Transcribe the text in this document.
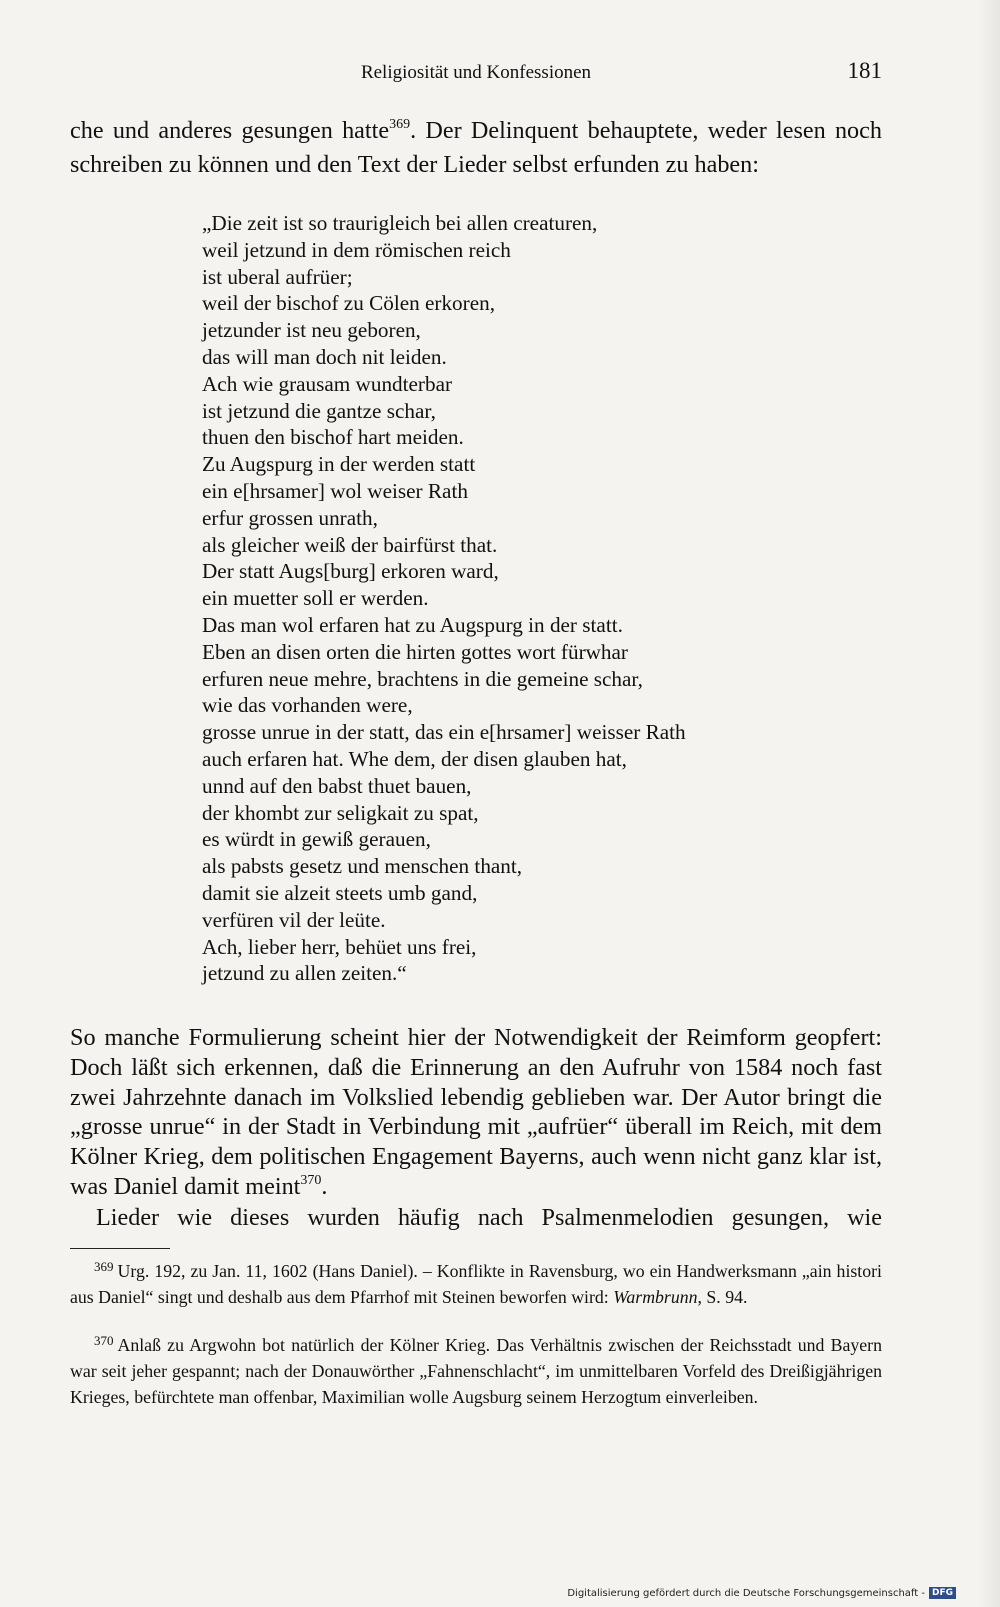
Religiosität und Konfessionen	181

che und anderes gesungen hatte$^{369}$. Der Delinquent behauptete, weder lesen noch schreiben zu können und den Text der Lieder selbst erfunden zu haben:

„Die zeit ist so traurigleich bei allen creaturen,
weil jetzund in dem römischen reich
ist uberal aufrüer;
weil der bischof zu Cölen erkoren,
jetzunder ist neu geboren,
das will man doch nit leiden.
Ach wie grausam wundterbar
ist jetzund die gantze schar,
thuen den bischof hart meiden.
Zu Augspurg in der werden statt
ein e[hrsamer] wol weiser Rath
erfur grossen unrath,
als gleicher weiß der bairfürst that.
Der statt Augs[burg] erkoren ward,
ein muetter soll er werden.
Das man wol erfaren hat zu Augspurg in der statt.
Eben an disen orten die hirten gottes wort fürwhar
erfuren neue mehre, brachtens in die gemeine schar,
wie das vorhanden were,
grosse unrue in der statt, das ein e[hrsamer] weisser Rath
auch erfaren hat. Whe dem, der disen glauben hat,
unnd auf den babst thuet bauen,
der khombt zur seligkait zu spat,
es würdt in gewiß gerauen,
als pabsts gesetz und menschen thant,
damit sie alzeit steets umb gand,
verfüren vil der leüte.
Ach, lieber herr, behüet uns frei,
jetzund zu allen zeiten.“

So manche Formulierung scheint hier der Notwendigkeit der Reimform geopfert: Doch läßt sich erkennen, daß die Erinnerung an den Aufruhr von 1584 noch fast zwei Jahrzehnte danach im Volkslied lebendig geblieben war. Der Autor bringt die „grosse unrue“ in der Stadt in Verbindung mit „aufrüer“ überall im Reich, mit dem Kölner Krieg, dem politischen Engagement Bayerns, auch wenn nicht ganz klar ist, was Daniel damit meint$^{370}$.

Lieder wie dieses wurden häufig nach Psalmenmelodien gesungen, wie

$^{369}$ Urg. 192, zu Jan. 11, 1602 (Hans Daniel). – Konflikte in Ravensburg, wo ein Handwerksmann „ain histori aus Daniel“ singt und deshalb aus dem Pfarrhof mit Steinen beworfen wird: Warmbrunn, S. 94.

$^{370}$ Anlaß zu Argwohn bot natürlich der Kölner Krieg. Das Verhältnis zwischen der Reichsstadt und Bayern war seit jeher gespannt; nach der Donauwörther „Fahnenschlacht“, im unmittelbaren Vorfeld des Dreißigjährigen Krieges, befürchtete man offenbar, Maximilian wolle Augsburg seinem Herzogtum einverleiben.

Digitalisierung gefördert durch die Deutsche Forschungsgemeinschaft - DFG
